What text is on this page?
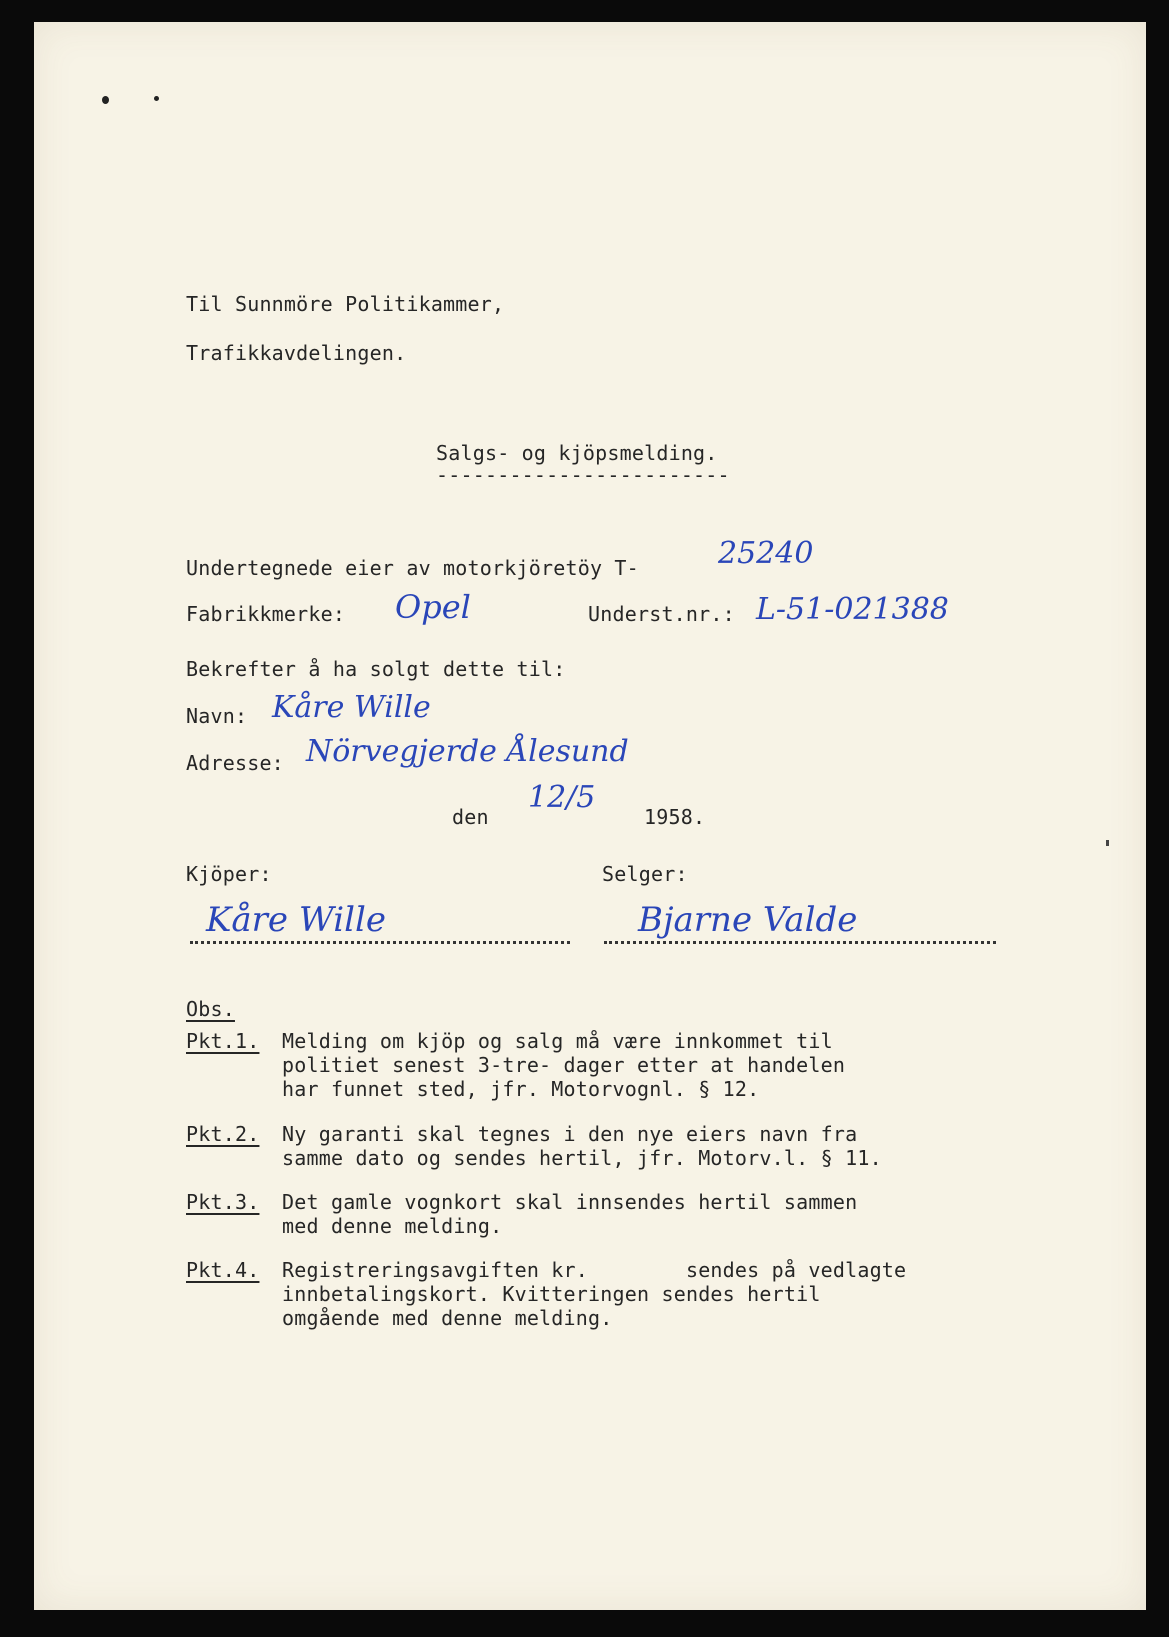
Til Sunnmöre Politikammer,
Trafikkavdelingen.
Salgs- og kjöpsmelding.
------------------------
Undertegnede eier av motorkjöretöy T-	25240
Fabrikkmerke: Opel	Underst.nr.: L-51-021388
Bekrefter å ha solgt dette til:
Navn: Kåre Wille
Adresse: Nörvegjerde Ålesund
den
12/5
1958.
Kjöper:	Selger:
Kåre Wille	Bjarne Valde
Obs.
Pkt.1. Melding om kjöp og salg må være innkommet til
politiet senest 3-tre- dager etter at handelen
har funnet sted, jfr. Motorvognl. § 12.
Pkt.2. Ny garanti skal tegnes i den nye eiers navn fra
samme dato og sendes hertil, jfr. Motorv.l. § 11.
Pkt.3. Det gamle vognkort skal innsendes hertil sammen
med denne melding.
Pkt.4. Registreringsavgiften kr.        sendes på vedlagte
innbetalingskort. Kvitteringen sendes hertil
omgående med denne melding.
